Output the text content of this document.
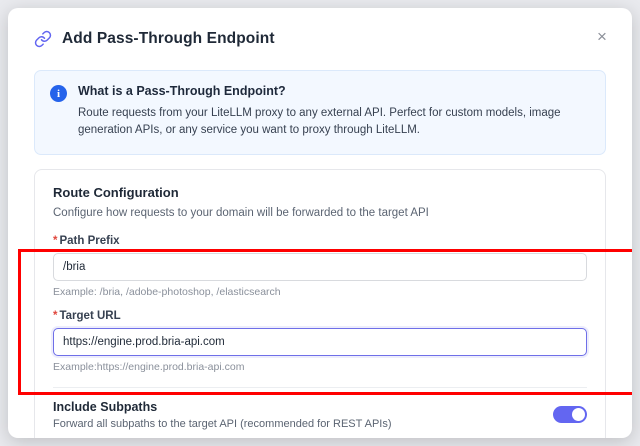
Add Pass-Through Endpoint	×
i	What is a Pass-Through Endpoint?
Route requests from your LiteLLM proxy to any external API. Perfect for custom models, image generation APIs, or any service you want to proxy through LiteLLM.
Route Configuration
Configure how requests to your domain will be forwarded to the target API
* Path Prefix
/bria
Example: /bria, /adobe-photoshop, /elasticsearch
* Target URL
https://engine.prod.bria-api.com
Example:https://engine.prod.bria-api.com
Include Subpaths
Forward all subpaths to the target API (recommended for REST APIs)
